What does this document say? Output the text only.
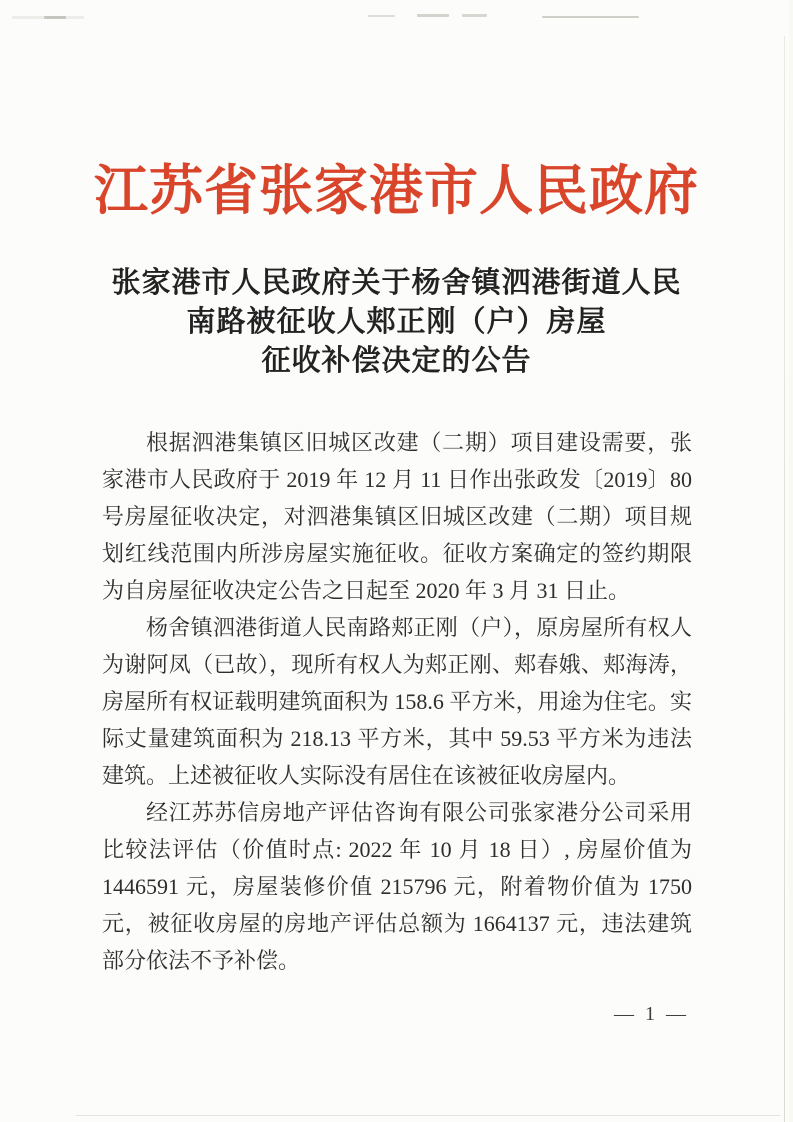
江苏省张家港市人民政府
张家港市人民政府关于杨舍镇泗港街道人民
南路被征收人郏正刚（户）房屋
征收补偿决定的公告

根据泗港集镇区旧城区改建（二期）项目建设需要，张家港市人民政府于 2019 年 12 月 11 日作出张政发〔2019〕80 号房屋征收决定，对泗港集镇区旧城区改建（二期）项目规划红线范围内所涉房屋实施征收。征收方案确定的签约期限为自房屋征收决定公告之日起至 2020 年 3 月 31 日止。

杨舍镇泗港街道人民南路郏正刚（户），原房屋所有权人为谢阿凤（已故），现所有权人为郏正刚、郏春娥、郏海涛，房屋所有权证载明建筑面积为 158.6 平方米，用途为住宅。实际丈量建筑面积为 218.13 平方米，其中 59.53 平方米为违法建筑。上述被征收人实际没有居住在该被征收房屋内。

经江苏苏信房地产评估咨询有限公司张家港分公司采用比较法评估（价值时点: 2022 年 10 月 18 日）, 房屋价值为 1446591 元，房屋装修价值 215796 元，附着物价值为 1750 元，被征收房屋的房地产评估总额为 1664137 元，违法建筑部分依法不予补偿。

— 1 —
